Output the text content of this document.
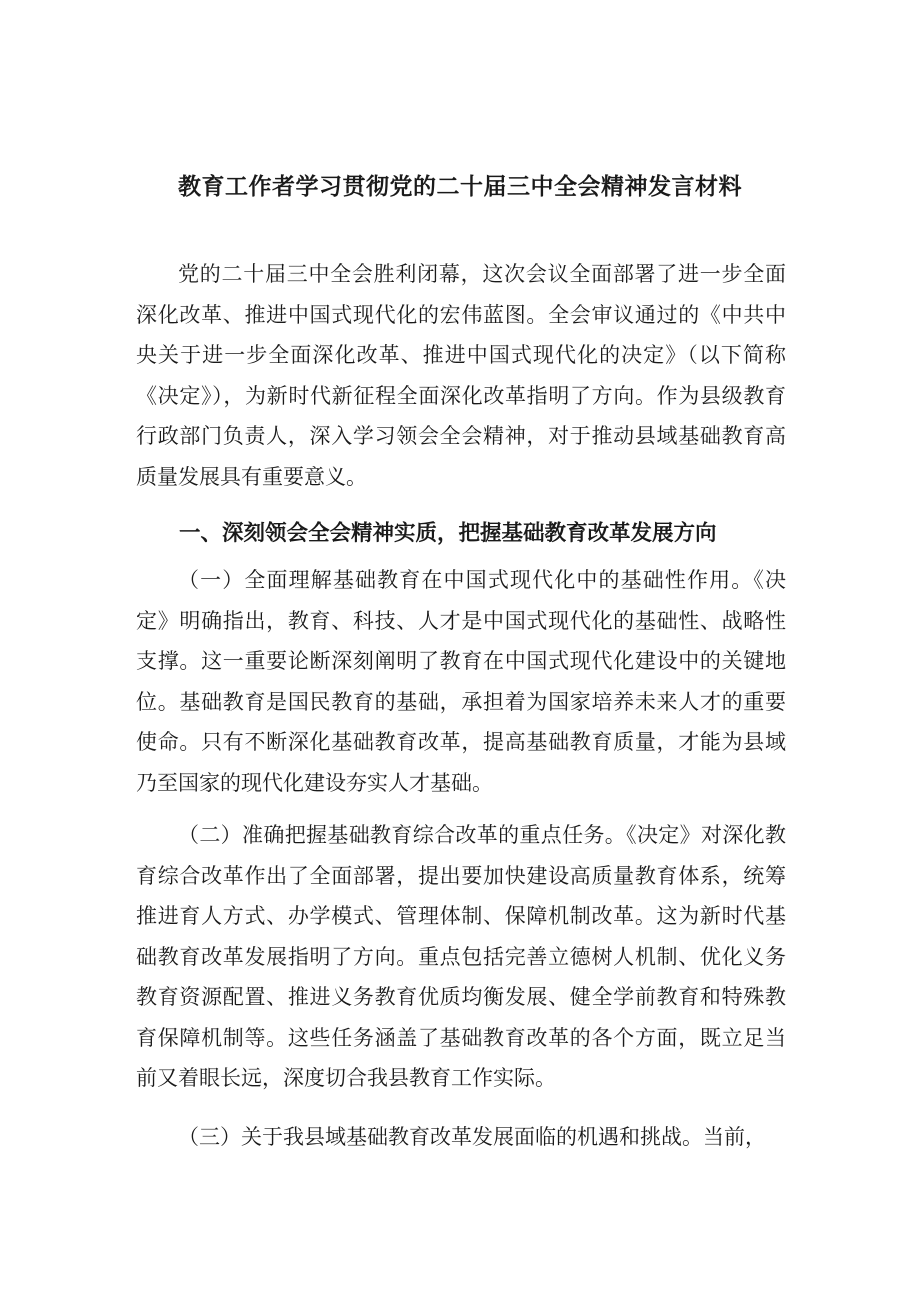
教育工作者学习贯彻党的二十届三中全会精神发言材料

党的二十届三中全会胜利闭幕，这次会议全面部署了进一步全面深化改革、推进中国式现代化的宏伟蓝图。全会审议通过的《中共中央关于进一步全面深化改革、推进中国式现代化的决定》（以下简称《决定》），为新时代新征程全面深化改革指明了方向。作为县级教育行政部门负责人，深入学习领会全会精神，对于推动县域基础教育高质量发展具有重要意义。

一、深刻领会全会精神实质，把握基础教育改革发展方向

（一）全面理解基础教育在中国式现代化中的基础性作用。《决定》明确指出，教育、科技、人才是中国式现代化的基础性、战略性支撑。这一重要论断深刻阐明了教育在中国式现代化建设中的关键地位。基础教育是国民教育的基础，承担着为国家培养未来人才的重要使命。只有不断深化基础教育改革，提高基础教育质量，才能为县域乃至国家的现代化建设夯实人才基础。

（二）准确把握基础教育综合改革的重点任务。《决定》对深化教育综合改革作出了全面部署，提出要加快建设高质量教育体系，统筹推进育人方式、办学模式、管理体制、保障机制改革。这为新时代基础教育改革发展指明了方向。重点包括完善立德树人机制、优化义务教育资源配置、推进义务教育优质均衡发展、健全学前教育和特殊教育保障机制等。这些任务涵盖了基础教育改革的各个方面，既立足当前又着眼长远，深度切合我县教育工作实际。

（三）关于我县域基础教育改革发展面临的机遇和挑战。当前，
